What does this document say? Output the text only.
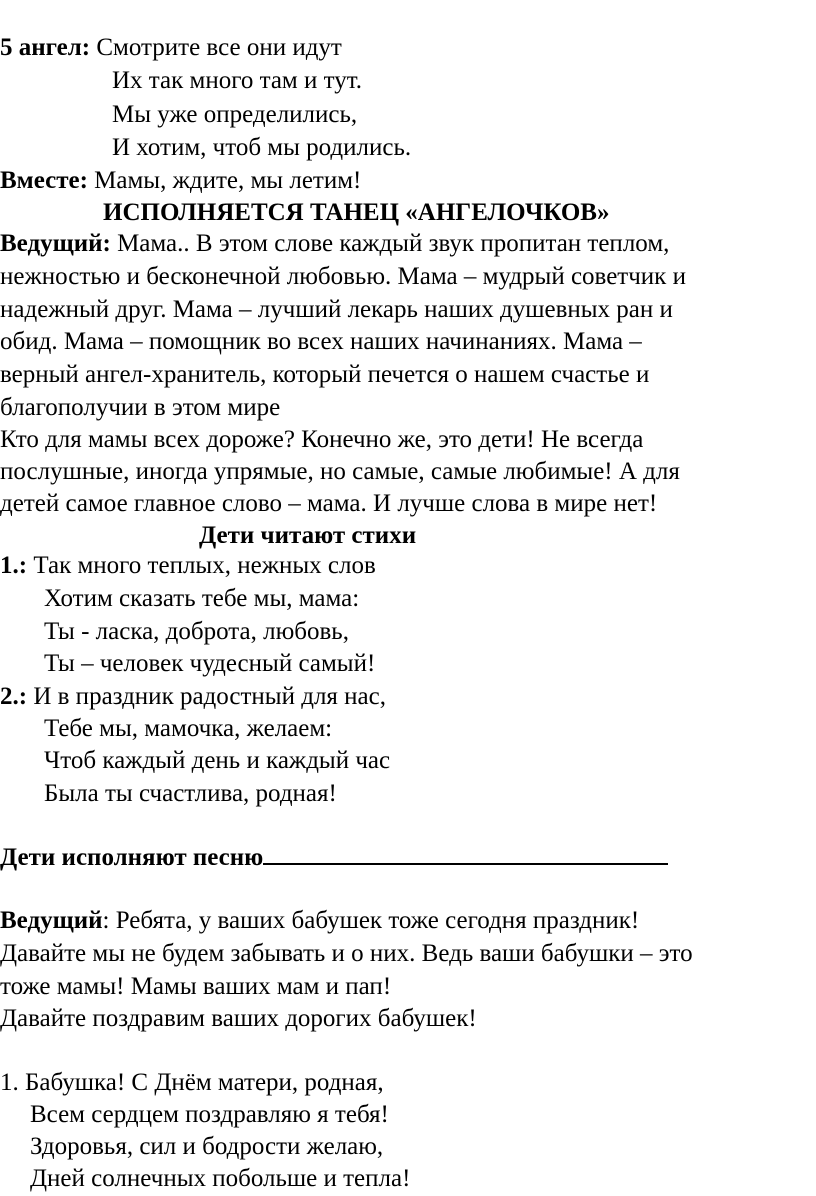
5 ангел: Смотрите все они идут
Их так много там и тут.
Мы уже определились,
И хотим, чтоб мы родились.
Вместе: Мамы, ждите, мы летим!
ИСПОЛНЯЕТСЯ ТАНЕЦ «АНГЕЛОЧКОВ»
Ведущий: Мама.. В этом слове каждый звук пропитан теплом,
нежностью и бесконечной любовью. Мама – мудрый советчик и
надежный друг. Мама – лучший лекарь наших душевных ран и
обид. Мама – помощник во всех наших начинаниях. Мама –
верный ангел-хранитель, который печется о нашем счастье и
благополучии в этом мире
Кто для мамы всех дороже? Конечно же, это дети! Не всегда
послушные, иногда упрямые, но самые, самые любимые! А для
детей самое главное слово – мама. И лучше слова в мире нет!
Дети читают стихи
1.: Так много теплых, нежных слов
Хотим сказать тебе мы, мама:
Ты - ласка, доброта, любовь,
Ты – человек чудесный самый!
2.: И в праздник радостный для нас,
Тебе мы, мамочка, желаем:
Чтоб каждый день и каждый час
Была ты счастлива, родная!
Дети исполняют песню
Ведущий: Ребята, у ваших бабушек тоже сегодня праздник!
Давайте мы не будем забывать и о них. Ведь ваши бабушки – это
тоже мамы! Мамы ваших мам и пап!
Давайте поздравим ваших дорогих бабушек!
1. Бабушка! С Днём матери, родная,
Всем сердцем поздравляю я тебя!
Здоровья, сил и бодрости желаю,
Дней солнечных побольше и тепла!
